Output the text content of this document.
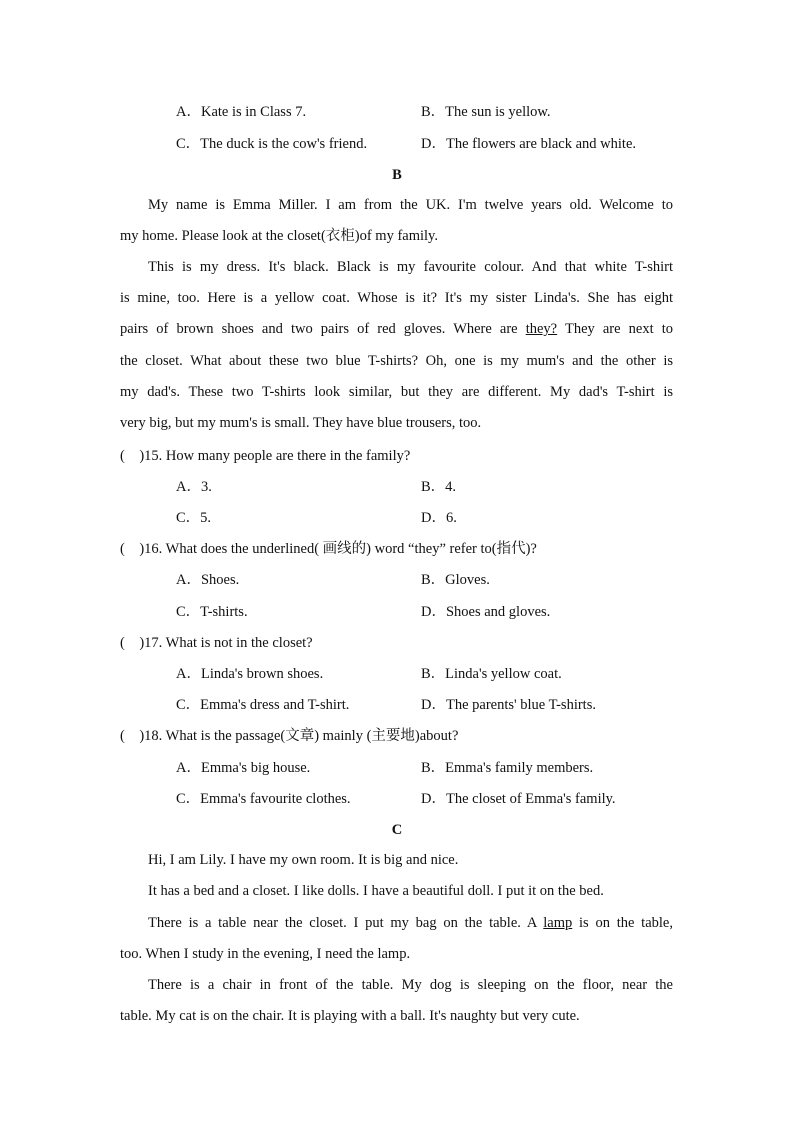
A．Kate is in Class 7.	B．The sun is yellow.
C．The duck is the cow's friend.	D．The flowers are black and white.
B
My name is Emma Miller. I am from the UK. I'm twelve years old. Welcome to
my home. Please look at the closet(衣柜)of my family.
This is my dress. It's black. Black is my favourite colour. And that white T-shirt
is mine, too. Here is a yellow coat. Whose is it? It's my sister Linda's. She has eight
pairs of brown shoes and two pairs of red gloves. Where are they? They are next to
the closet. What about these two blue T-shirts? Oh, one is my mum's and the other is
my dad's. These two T-shirts look similar, but they are different. My dad's T-shirt is
very big, but my mum's is small. They have blue trousers, too.
(　)15. How many people are there in the family?
A．3.	B．4.
C．5.	D．6.
(　)16. What does the underlined( 画线的) word “they” refer to(指代)?
A．Shoes.	B．Gloves.
C．T-shirts.	D．Shoes and gloves.
(　)17. What is not in the closet?
A．Linda's brown shoes.	B．Linda's yellow coat.
C．Emma's dress and T-shirt.	D．The parents' blue T-shirts.
(　)18. What is the passage(文章) mainly (主要地)about?
A．Emma's big house.	B．Emma's family members.
C．Emma's favourite clothes.	D．The closet of Emma's family.
C
Hi, I am Lily. I have my own room. It is big and nice.
It has a bed and a closet. I like dolls. I have a beautiful doll. I put it on the bed.
There is a table near the closet. I put my bag on the table. A lamp is on the table,
too. When I study in the evening, I need the lamp.
There is a chair in front of the table. My dog is sleeping on the floor, near the
table. My cat is on the chair. It is playing with a ball. It's naughty but very cute.
